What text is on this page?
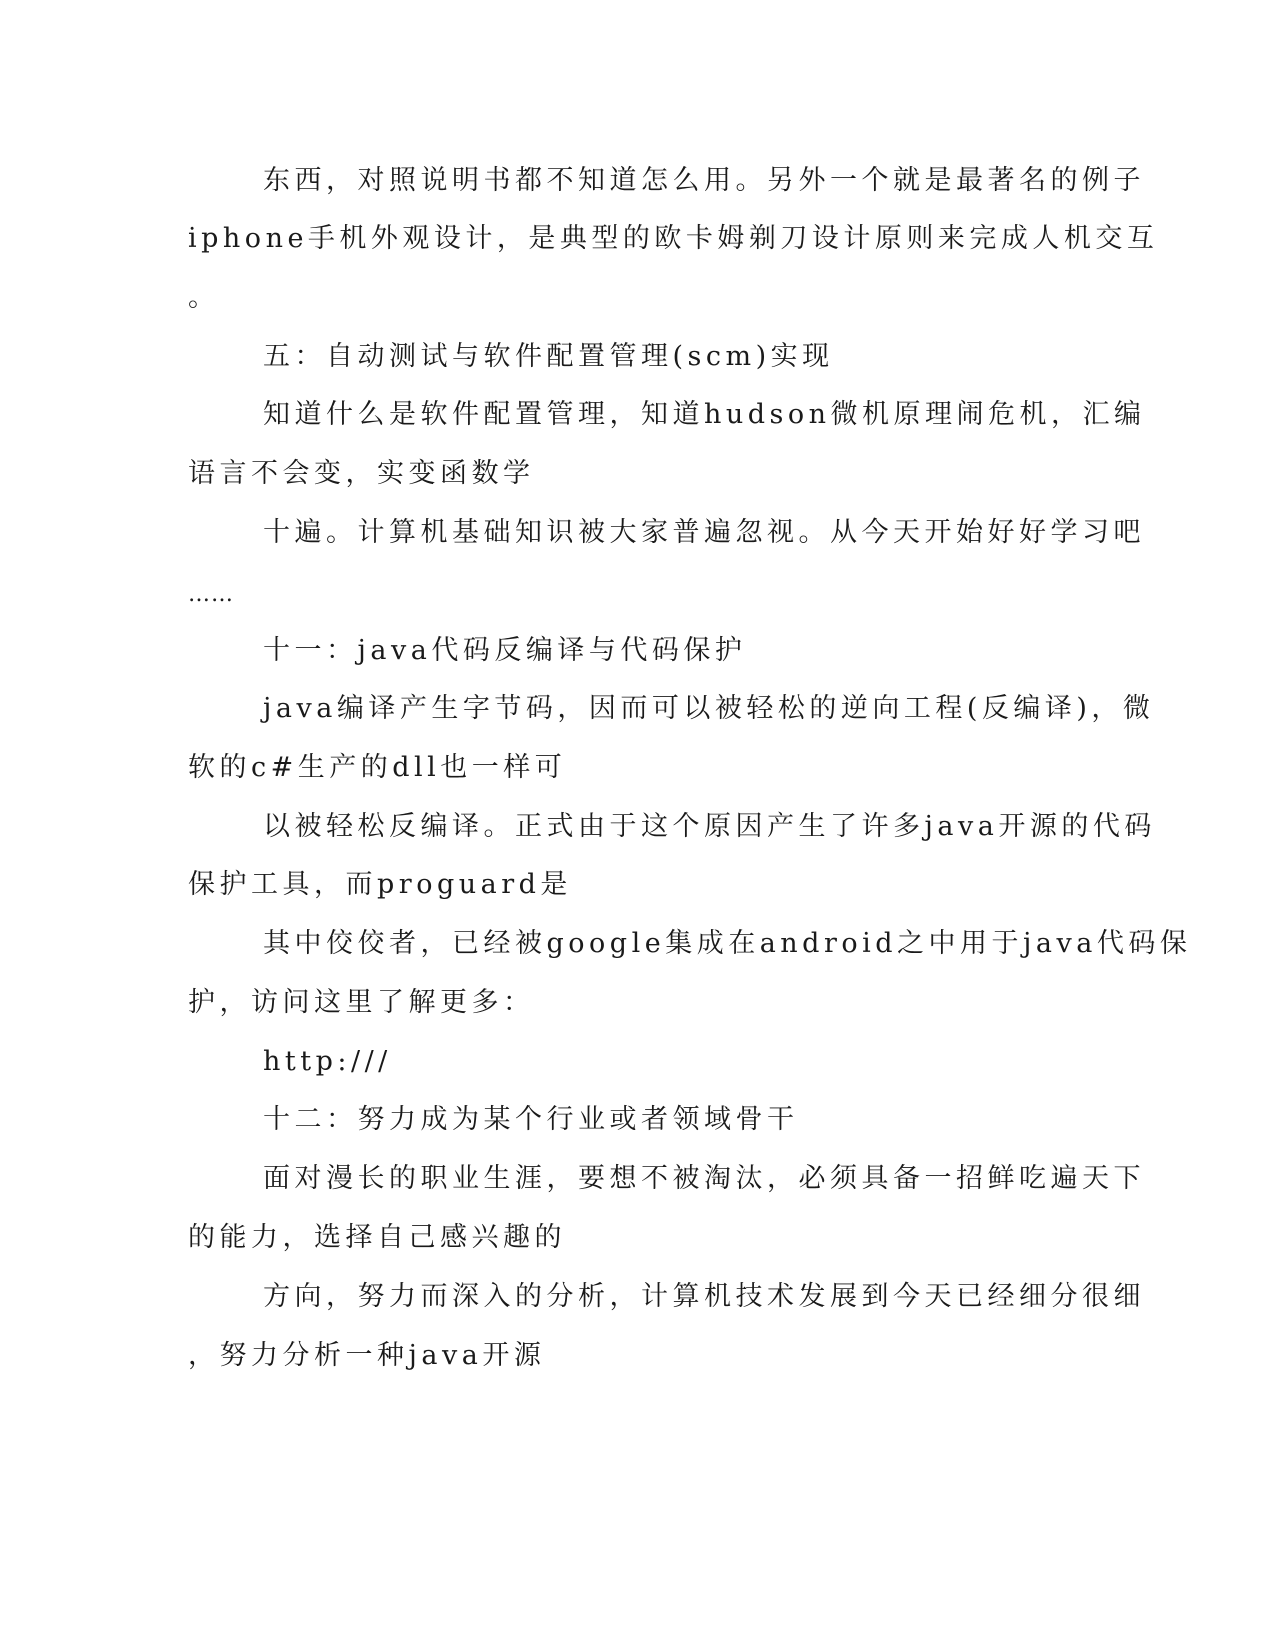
东西，对照说明书都不知道怎么用。另外一个就是最著名的例子
iphone手机外观设计，是典型的欧卡姆剃刀设计原则来完成人机交互
。
五：自动测试与软件配置管理(scm)实现
知道什么是软件配置管理，知道hudson微机原理闹危机，汇编
语言不会变，实变函数学
十遍。计算机基础知识被大家普遍忽视。从今天开始好好学习吧
……
十一：java代码反编译与代码保护
java编译产生字节码，因而可以被轻松的逆向工程(反编译)，微
软的c#生产的dll也一样可
以被轻松反编译。正式由于这个原因产生了许多java开源的代码
保护工具，而proguard是
其中佼佼者，已经被google集成在android之中用于java代码保
护，访问这里了解更多：
http:///
十二：努力成为某个行业或者领域骨干
面对漫长的职业生涯，要想不被淘汰，必须具备一招鲜吃遍天下
的能力，选择自己感兴趣的
方向，努力而深入的分析，计算机技术发展到今天已经细分很细
，努力分析一种java开源
